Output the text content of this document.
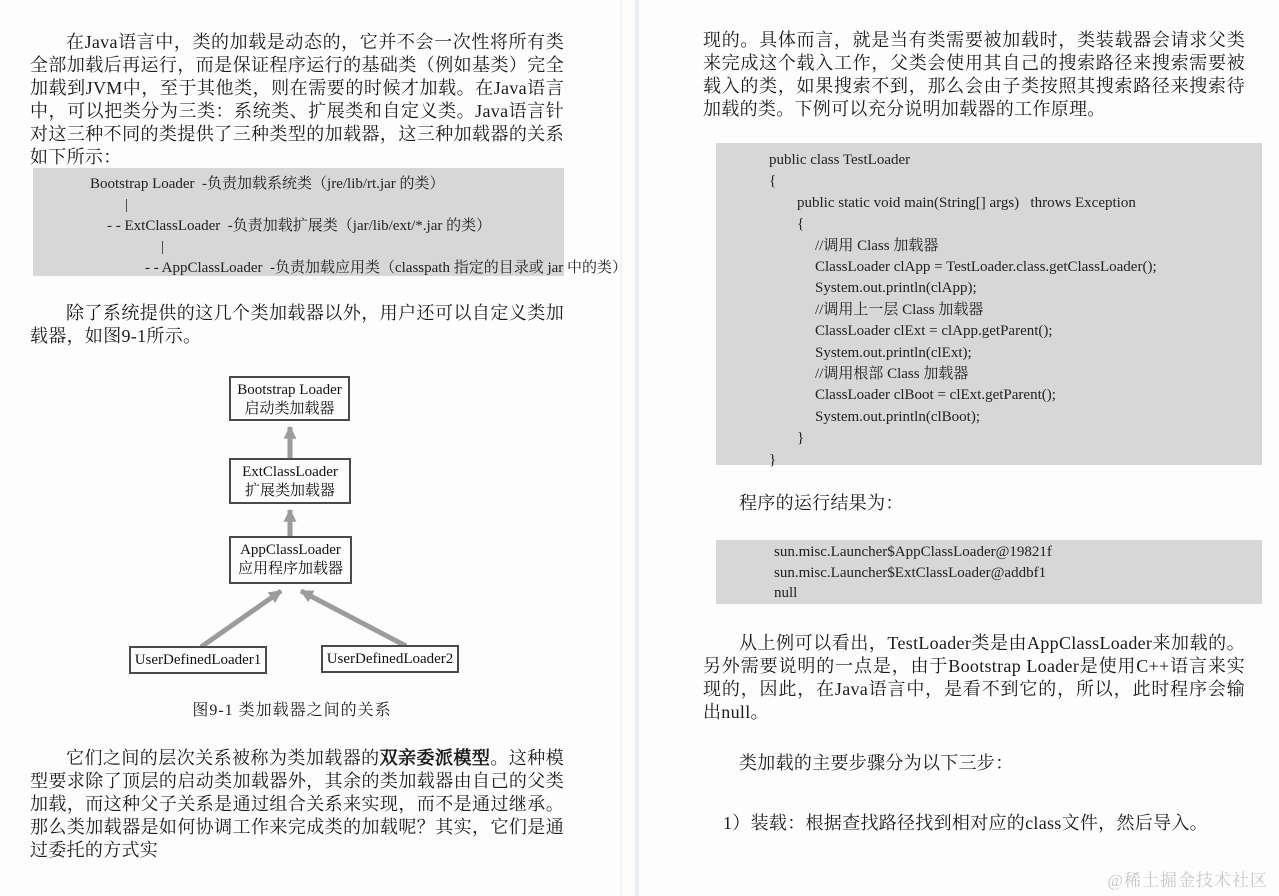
在Java语言中，类的加载是动态的，它并不会一次性将所有类全部加载后再运行，而是保证程序运行的基础类（例如基类）完全加载到JVM中，至于其他类，则在需要的时候才加载。在Java语言中，可以把类分为三类：系统类、扩展类和自定义类。Java语言针对这三种不同的类提供了三种类型的加载器，这三种加载器的关系如下所示：
Bootstrap Loader  -负责加载系统类（jre/lib/rt.jar 的类）
|
- - ExtClassLoader  -负责加载扩展类（jar/lib/ext/*.jar 的类）
|
- - AppClassLoader  -负责加载应用类（classpath 指定的目录或 jar 中的类）
除了系统提供的这几个类加载器以外，用户还可以自定义类加载器，如图9-1所示。
Bootstrap Loader
启动类加载器
ExtClassLoader
扩展类加载器
AppClassLoader
应用程序加载器
UserDefinedLoader1	UserDefinedLoader2
图9-1 类加载器之间的关系
它们之间的层次关系被称为类加载器的双亲委派模型。这种模型要求除了顶层的启动类加载器外，其余的类加载器由自己的父类加载，而这种父子关系是通过组合关系来实现，而不是通过继承。那么类加载器是如何协调工作来完成类的加载呢？其实，它们是通过委托的方式实
现的。具体而言，就是当有类需要被加载时，类装载器会请求父类来完成这个载入工作，父类会使用其自己的搜索路径来搜索需要被载入的类，如果搜索不到，那么会由子类按照其搜索路径来搜索待加载的类。下例可以充分说明加载器的工作原理。
public class TestLoader
{
public static void main(String[] args)   throws Exception
{
//调用 Class 加载器
ClassLoader clApp = TestLoader.class.getClassLoader();
System.out.println(clApp);
//调用上一层 Class 加载器
ClassLoader clExt = clApp.getParent();
System.out.println(clExt);
//调用根部 Class 加载器
ClassLoader clBoot = clExt.getParent();
System.out.println(clBoot);
}
}
程序的运行结果为：
sun.misc.Launcher$AppClassLoader@19821f
sun.misc.Launcher$ExtClassLoader@addbf1
null
从上例可以看出，TestLoader类是由AppClassLoader来加载的。另外需要说明的一点是，由于Bootstrap Loader是使用C++语言来实现的，因此，在Java语言中，是看不到它的，所以，此时程序会输出null。
类加载的主要步骤分为以下三步：
1）装载：根据查找路径找到相对应的class文件，然后导入。
@稀土掘金技术社区
